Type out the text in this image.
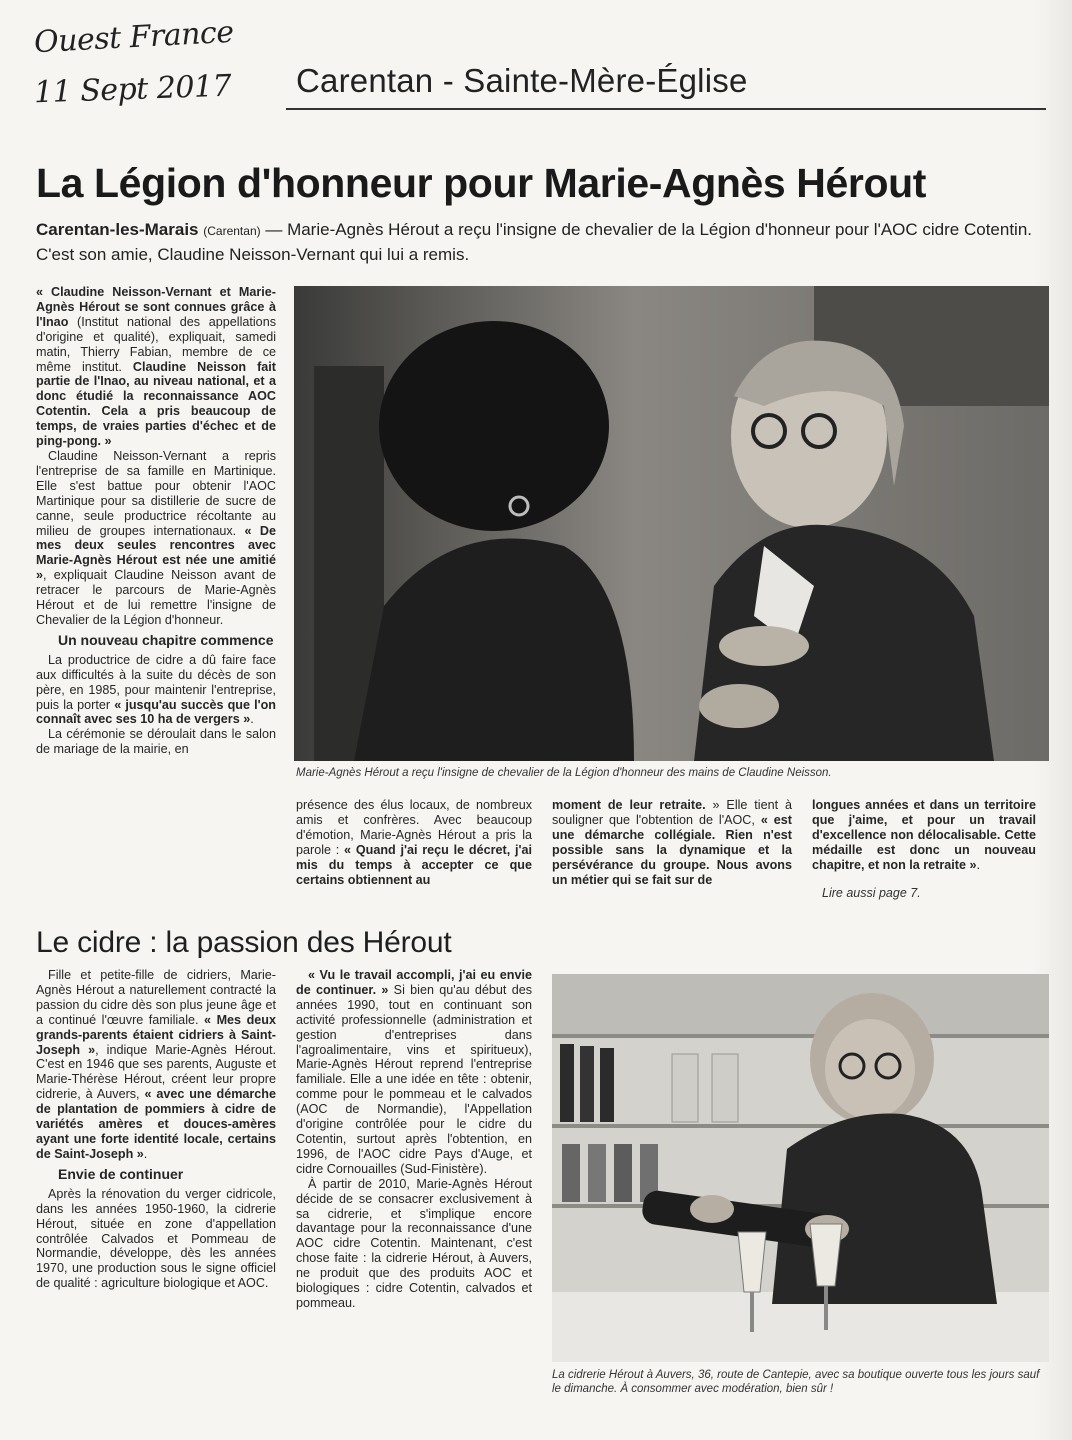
Ouest France
11 Sept 2017 Carentan - Sainte-Mère-Église
La Légion d'honneur pour Marie-Agnès Hérout
Carentan-les-Marais (Carentan) — Marie-Agnès Hérout a reçu l'insigne de chevalier de la Légion d'honneur pour l'AOC cidre Cotentin. C'est son amie, Claudine Neisson-Vernant qui lui a remis.

« Claudine Neisson-Vernant et Marie-Agnès Hérout se sont connues grâce à l'Inao (Institut national des appellations d'origine et qualité), expliquait, samedi matin, Thierry Fabian, membre de ce même institut. Claudine Neisson fait partie de l'Inao, au niveau national, et a donc étudié la reconnaissance AOC Cotentin. Cela a pris beaucoup de temps, de vraies parties d'échec et de ping-pong. »

Claudine Neisson-Vernant a repris l'entreprise de sa famille en Martinique. Elle s'est battue pour obtenir l'AOC Martinique pour sa distillerie de sucre de canne, seule productrice récoltante au milieu de groupes internationaux. « De mes deux seules rencontres avec Marie-Agnès Hérout est née une amitié », expliquait Claudine Neisson avant de retracer le parcours de Marie-Agnès Hérout et de lui remettre l'insigne de Chevalier de la Légion d'honneur.

Un nouveau chapitre commence

La productrice de cidre a dû faire face aux difficultés à la suite du décès de son père, en 1985, pour maintenir l'entreprise, puis la porter « jusqu'au succès que l'on connaît avec ses 10 ha de vergers ».

La cérémonie se déroulait dans le salon de mariage de la mairie, en

Marie-Agnès Hérout a reçu l'insigne de chevalier de la Légion d'honneur des mains de Claudine Neisson.

présence des élus locaux, de nombreux amis et confrères. Avec beaucoup d'émotion, Marie-Agnès Hérout a pris la parole : « Quand j'ai reçu le décret, j'ai mis du temps à accepter ce que certains obtiennent au

moment de leur retraite. » Elle tient à souligner que l'obtention de l'AOC, « est une démarche collégiale. Rien n'est possible sans la dynamique et la persévérance du groupe. Nous avons un métier qui se fait sur de

longues années et dans un territoire que j'aime, et pour un travail d'excellence non délocalisable. Cette médaille est donc un nouveau chapitre, et non la retraite ».

Lire aussi page 7.
Le cidre : la passion des Hérout

Fille et petite-fille de cidriers, Marie-Agnès Hérout a naturellement contracté la passion du cidre dès son plus jeune âge et a continué l'œuvre familiale. « Mes deux grands-parents étaient cidriers à Saint-Joseph », indique Marie-Agnès Hérout. C'est en 1946 que ses parents, Auguste et Marie-Thérèse Hérout, créent leur propre cidrerie, à Auvers, « avec une démarche de plantation de pommiers à cidre de variétés amères et douces-amères ayant une forte identité locale, certains de Saint-Joseph ».

Envie de continuer

Après la rénovation du verger cidricole, dans les années 1950-1960, la cidrerie Hérout, située en zone d'appellation contrôlée Calvados et Pommeau de Normandie, développe, dès les années 1970, une production sous le signe officiel de qualité : agriculture biologique et AOC.

« Vu le travail accompli, j'ai eu envie de continuer. » Si bien qu'au début des années 1990, tout en continuant son activité professionnelle (administration et gestion d'entreprises dans l'agroalimentaire, vins et spiritueux), Marie-Agnès Hérout reprend l'entreprise familiale. Elle a une idée en tête : obtenir, comme pour le pommeau et le calvados (AOC de Normandie), l'Appellation d'origine contrôlée pour le cidre du Cotentin, surtout après l'obtention, en 1996, de l'AOC cidre Pays d'Auge, et cidre Cornouailles (Sud-Finistère).

À partir de 2010, Marie-Agnès Hérout décide de se consacrer exclusivement à sa cidrerie, et s'implique encore davantage pour la reconnaissance d'une AOC cidre Cotentin. Maintenant, c'est chose faite : la cidrerie Hérout, à Auvers, ne produit que des produits AOC et biologiques : cidre Cotentin, calvados et pommeau.

La cidrerie Hérout à Auvers, 36, route de Cantepie, avec sa boutique ouverte tous les jours sauf le dimanche. À consommer avec modération, bien sûr !
